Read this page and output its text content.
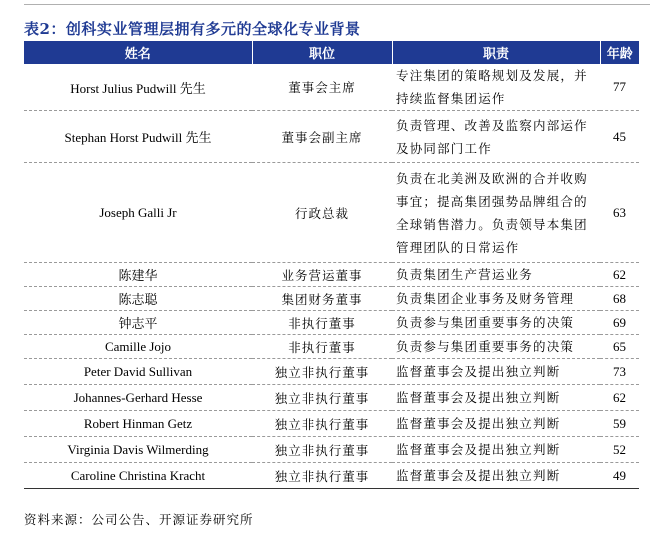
表2：创科实业管理层拥有多元的全球化专业背景
姓名	职位	职责	年龄
Horst Julius Pudwill 先生	董事会主席	专注集团的策略规划及发展，并持续监督集团运作	77
Stephan Horst Pudwill 先生	董事会副主席	负责管理、改善及监察内部运作及协同部门工作	45
Joseph Galli Jr	行政总裁	负责在北美洲及欧洲的合并收购事宜；提高集团强势品牌组合的全球销售潜力。负责领导本集团管理团队的日常运作	63
陈建华	业务营运董事	负责集团生产营运业务	62
陈志聪	集团财务董事	负责集团企业事务及财务管理	68
钟志平	非执行董事	负责参与集团重要事务的决策	69
Camille Jojo	非执行董事	负责参与集团重要事务的决策	65
Peter David Sullivan	独立非执行董事	监督董事会及提出独立判断	73
Johannes-Gerhard Hesse	独立非执行董事	监督董事会及提出独立判断	62
Robert Hinman Getz	独立非执行董事	监督董事会及提出独立判断	59
Virginia Davis Wilmerding	独立非执行董事	监督董事会及提出独立判断	52
Caroline Christina Kracht	独立非执行董事	监督董事会及提出独立判断	49
资料来源：公司公告、开源证券研究所
